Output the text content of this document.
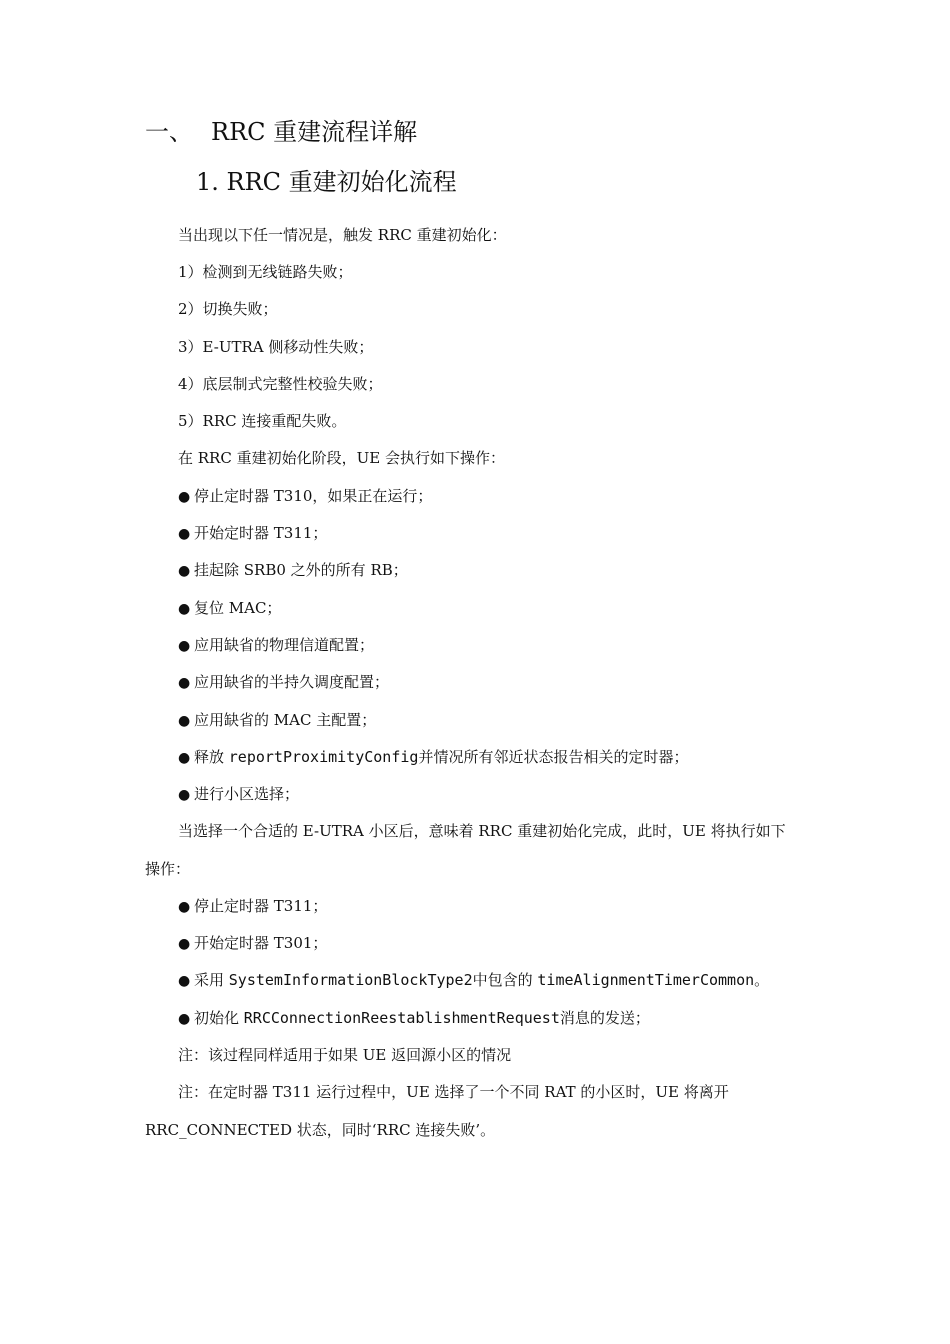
一、 RRC 重建流程详解
1. RRC 重建初始化流程
当出现以下任一情况是，触发 RRC 重建初始化：
1）检测到无线链路失败；
2）切换失败；
3）E-UTRA 侧移动性失败；
4）底层制式完整性校验失败；
5）RRC 连接重配失败。
在 RRC 重建初始化阶段，UE 会执行如下操作：
● 停止定时器 T310，如果正在运行；
● 开始定时器 T311；
● 挂起除 SRB0 之外的所有 RB；
● 复位 MAC；
● 应用缺省的物理信道配置；
● 应用缺省的半持久调度配置；
● 应用缺省的 MAC 主配置；
● 释放 reportProximityConfig并情况所有邻近状态报告相关的定时器；
● 进行小区选择；
当选择一个合适的 E-UTRA 小区后，意味着 RRC 重建初始化完成，此时，UE 将执行如下
操作：
● 停止定时器 T311；
● 开始定时器 T301；
● 采用 SystemInformationBlockType2中包含的 timeAlignmentTimerCommon。
● 初始化 RRCConnectionReestablishmentRequest消息的发送；
注：该过程同样适用于如果 UE 返回源小区的情况
注：在定时器 T311 运行过程中，UE 选择了一个不同 RAT 的小区时，UE 将离开
RRC_CONNECTED 状态，同时‘RRC 连接失败’。
